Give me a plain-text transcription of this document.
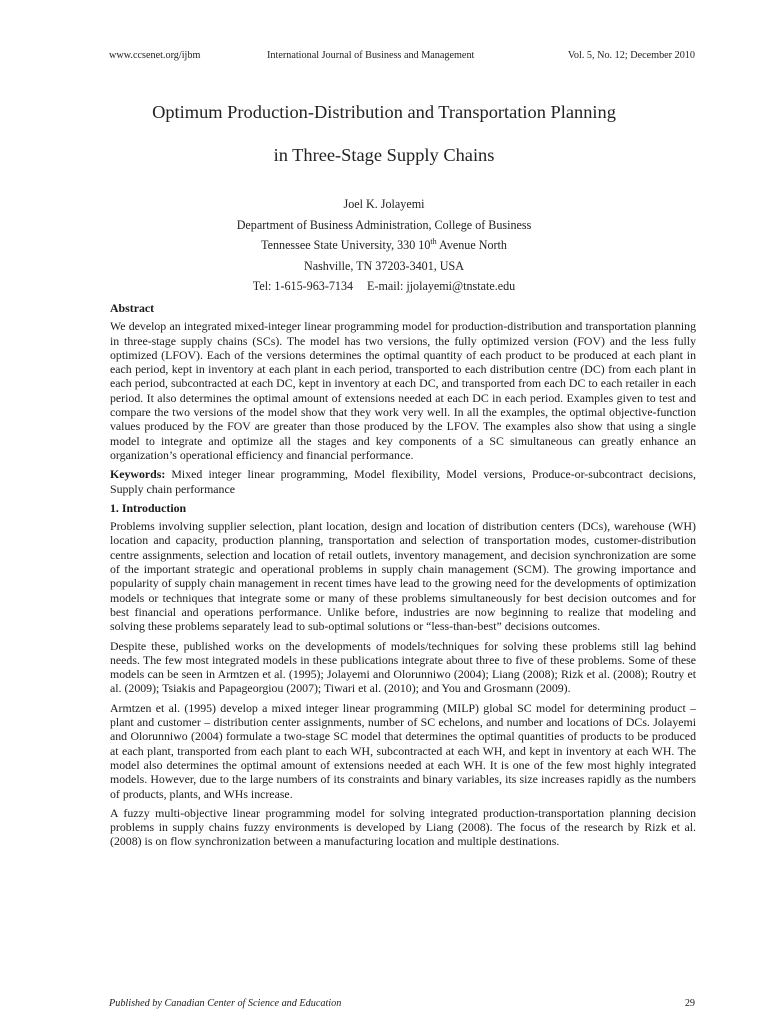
www.ccsenet.org/ijbm	International Journal of Business and Management	Vol. 5, No. 12; December 2010
Optimum Production-Distribution and Transportation Planning
in Three-Stage Supply Chains
Joel K. Jolayemi
Department of Business Administration, College of Business
Tennessee State University, 330 10th Avenue North
Nashville, TN 37203-3401, USA
Tel: 1-615-963-7134 E-mail: jjolayemi@tnstate.edu
Abstract

We develop an integrated mixed-integer linear programming model for production-distribution and transportation planning in three-stage supply chains (SCs). The model has two versions, the fully optimized version (FOV) and the less fully optimized (LFOV). Each of the versions determines the optimal quantity of each product to be produced at each plant in each period, kept in inventory at each plant in each period, transported to each distribution centre (DC) from each plant in each period, subcontracted at each DC, kept in inventory at each DC, and transported from each DC to each retailer in each period. It also determines the optimal amount of extensions needed at each DC in each period. Examples given to test and compare the two versions of the model show that they work very well. In all the examples, the optimal objective-function values produced by the FOV are greater than those produced by the LFOV. The examples also show that using a single model to integrate and optimize all the stages and key components of a SC simultaneous can greatly enhance an organization’s operational efficiency and financial performance.

Keywords: Mixed integer linear programming, Model flexibility, Model versions, Produce-or-subcontract decisions, Supply chain performance

1. Introduction

Problems involving supplier selection, plant location, design and location of distribution centers (DCs), warehouse (WH) location and capacity, production planning, transportation and selection of transportation modes, customer-distribution centre assignments, selection and location of retail outlets, inventory management, and decision synchronization are some of the important strategic and operational problems in supply chain management (SCM). The growing importance and popularity of supply chain management in recent times have lead to the growing need for the developments of optimization models or techniques that integrate some or many of these problems simultaneously for best decision outcomes and for best financial and operations performance. Unlike before, industries are now beginning to realize that modeling and solving these problems separately lead to sub-optimal solutions or “less-than-best” decisions outcomes.

Despite these, published works on the developments of models/techniques for solving these problems still lag behind needs. The few most integrated models in these publications integrate about three to five of these problems. Some of these models can be seen in Armtzen et al. (1995); Jolayemi and Olorunniwo (2004); Liang (2008); Rizk et al. (2008); Routry et al. (2009); Tsiakis and Papageorgiou (2007); Tiwari et al. (2010); and You and Grosmann (2009).

Armtzen et al. (1995) develop a mixed integer linear programming (MILP) global SC model for determining product – plant and customer – distribution center assignments, number of SC echelons, and number and locations of DCs. Jolayemi and Olorunniwo (2004) formulate a two-stage SC model that determines the optimal quantities of products to be produced at each plant, transported from each plant to each WH, subcontracted at each WH, and kept in inventory at each WH. The model also determines the optimal amount of extensions needed at each WH. It is one of the few most highly integrated models. However, due to the large numbers of its constraints and binary variables, its size increases rapidly as the numbers of products, plants, and WHs increase.

A fuzzy multi-objective linear programming model for solving integrated production-transportation planning decision problems in supply chains fuzzy environments is developed by Liang (2008). The focus of the research by Rizk et al. (2008) is on flow synchronization between a manufacturing location and multiple destinations.

Published by Canadian Center of Science and Education	29
